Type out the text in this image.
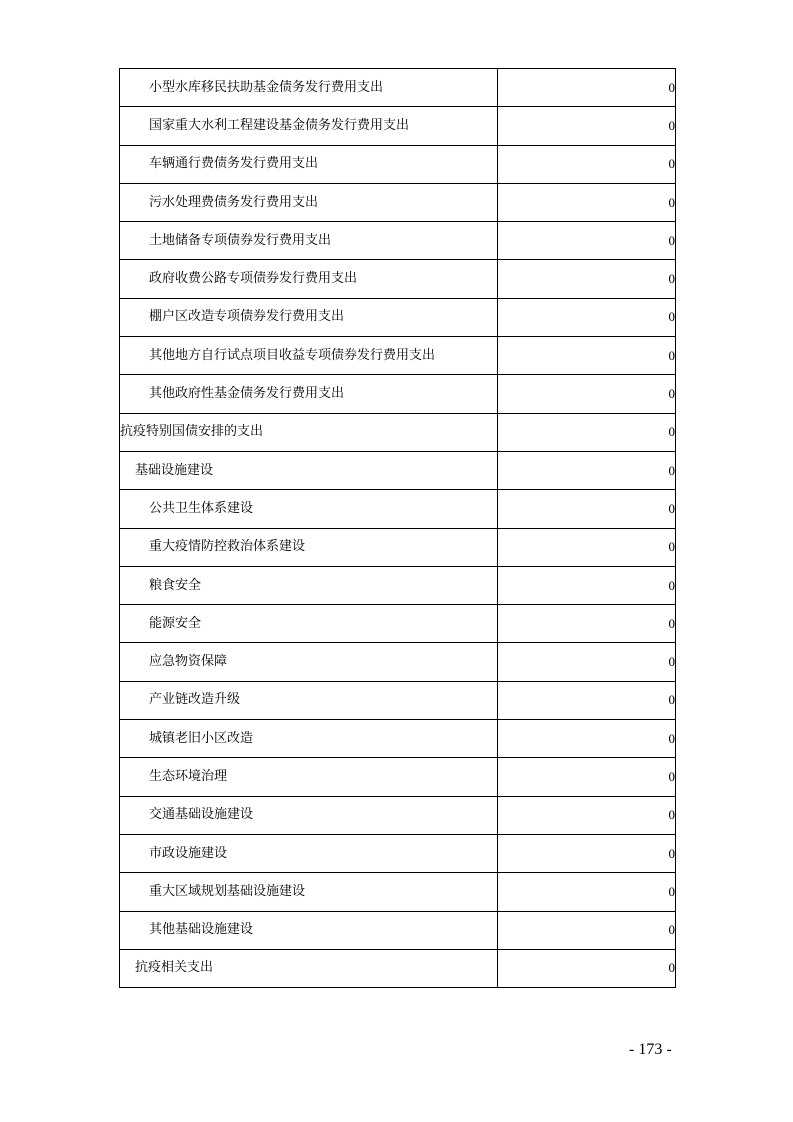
小型水库移民扶助基金债务发行费用支出	0
国家重大水利工程建设基金债务发行费用支出	0
车辆通行费债务发行费用支出	0
污水处理费债务发行费用支出	0
土地储备专项债券发行费用支出	0
政府收费公路专项债券发行费用支出	0
棚户区改造专项债券发行费用支出	0
其他地方自行试点项目收益专项债券发行费用支出	0
其他政府性基金债务发行费用支出	0
抗疫特别国债安排的支出	0
基础设施建设	0
公共卫生体系建设	0
重大疫情防控救治体系建设	0
粮食安全	0
能源安全	0
应急物资保障	0
产业链改造升级	0
城镇老旧小区改造	0
生态环境治理	0
交通基础设施建设	0
市政设施建设	0
重大区域规划基础设施建设	0
其他基础设施建设	0
抗疫相关支出	0
- 173 -
